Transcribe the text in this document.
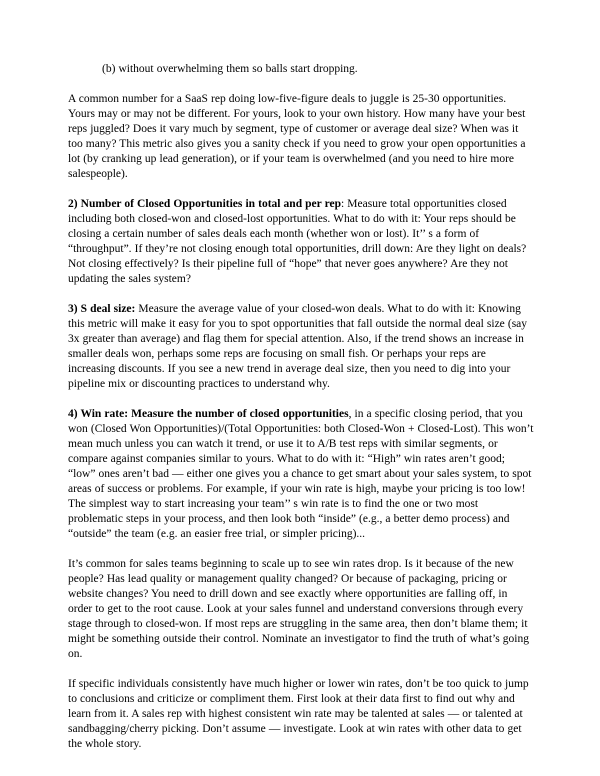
(b) without overwhelming them so balls start dropping.

A common number for a SaaS rep doing low-five-figure deals to juggle is 25-30 opportunities. Yours may or may not be different. For yours, look to your own history. How many have your best reps juggled? Does it vary much by segment, type of customer or average deal size? When was it too many? This metric also gives you a sanity check if you need to grow your open opportunities a lot (by cranking up lead generation), or if your team is overwhelmed (and you need to hire more salespeople).

2) Number of Closed Opportunities in total and per rep: Measure total opportunities closed including both closed-won and closed-lost opportunities. What to do with it: Your reps should be closing a certain number of sales deals each month (whether won or lost). It’’ s a form of “throughput”. If they’re not closing enough total opportunities, drill down: Are they light on deals? Not closing effectively? Is their pipeline full of “hope” that never goes anywhere? Are they not updating the sales system?

3) S deal size: Measure the average value of your closed-won deals. What to do with it: Knowing this metric will make it easy for you to spot opportunities that fall outside the normal deal size (say 3x greater than average) and flag them for special attention. Also, if the trend shows an increase in smaller deals won, perhaps some reps are focusing on small fish. Or perhaps your reps are increasing discounts. If you see a new trend in average deal size, then you need to dig into your pipeline mix or discounting practices to understand why.

4) Win rate: Measure the number of closed opportunities, in a specific closing period, that you won (Closed Won Opportunities)/(Total Opportunities: both Closed-Won + Closed-Lost). This won’t mean much unless you can watch it trend, or use it to A/B test reps with similar segments, or compare against companies similar to yours. What to do with it: “High” win rates aren’t good; “low” ones aren’t bad — either one gives you a chance to get smart about your sales system, to spot areas of success or problems. For example, if your win rate is high, maybe your pricing is too low! The simplest way to start increasing your team’’ s win rate is to find the one or two most problematic steps in your process, and then look both “inside” (e.g., a better demo process) and “outside” the team (e.g. an easier free trial, or simpler pricing)...

It’s common for sales teams beginning to scale up to see win rates drop. Is it because of the new people? Has lead quality or management quality changed? Or because of packaging, pricing or website changes? You need to drill down and see exactly where opportunities are falling off, in order to get to the root cause. Look at your sales funnel and understand conversions through every stage through to closed-won. If most reps are struggling in the same area, then don’t blame them; it might be something outside their control. Nominate an investigator to find the truth of what’s going on.

If specific individuals consistently have much higher or lower win rates, don’t be too quick to jump to conclusions and criticize or compliment them. First look at their data first to find out why and learn from it. A sales rep with highest consistent win rate may be talented at sales — or talented at sandbagging/cherry picking. Don’t assume — investigate. Look at win rates with other data to get the whole story.
